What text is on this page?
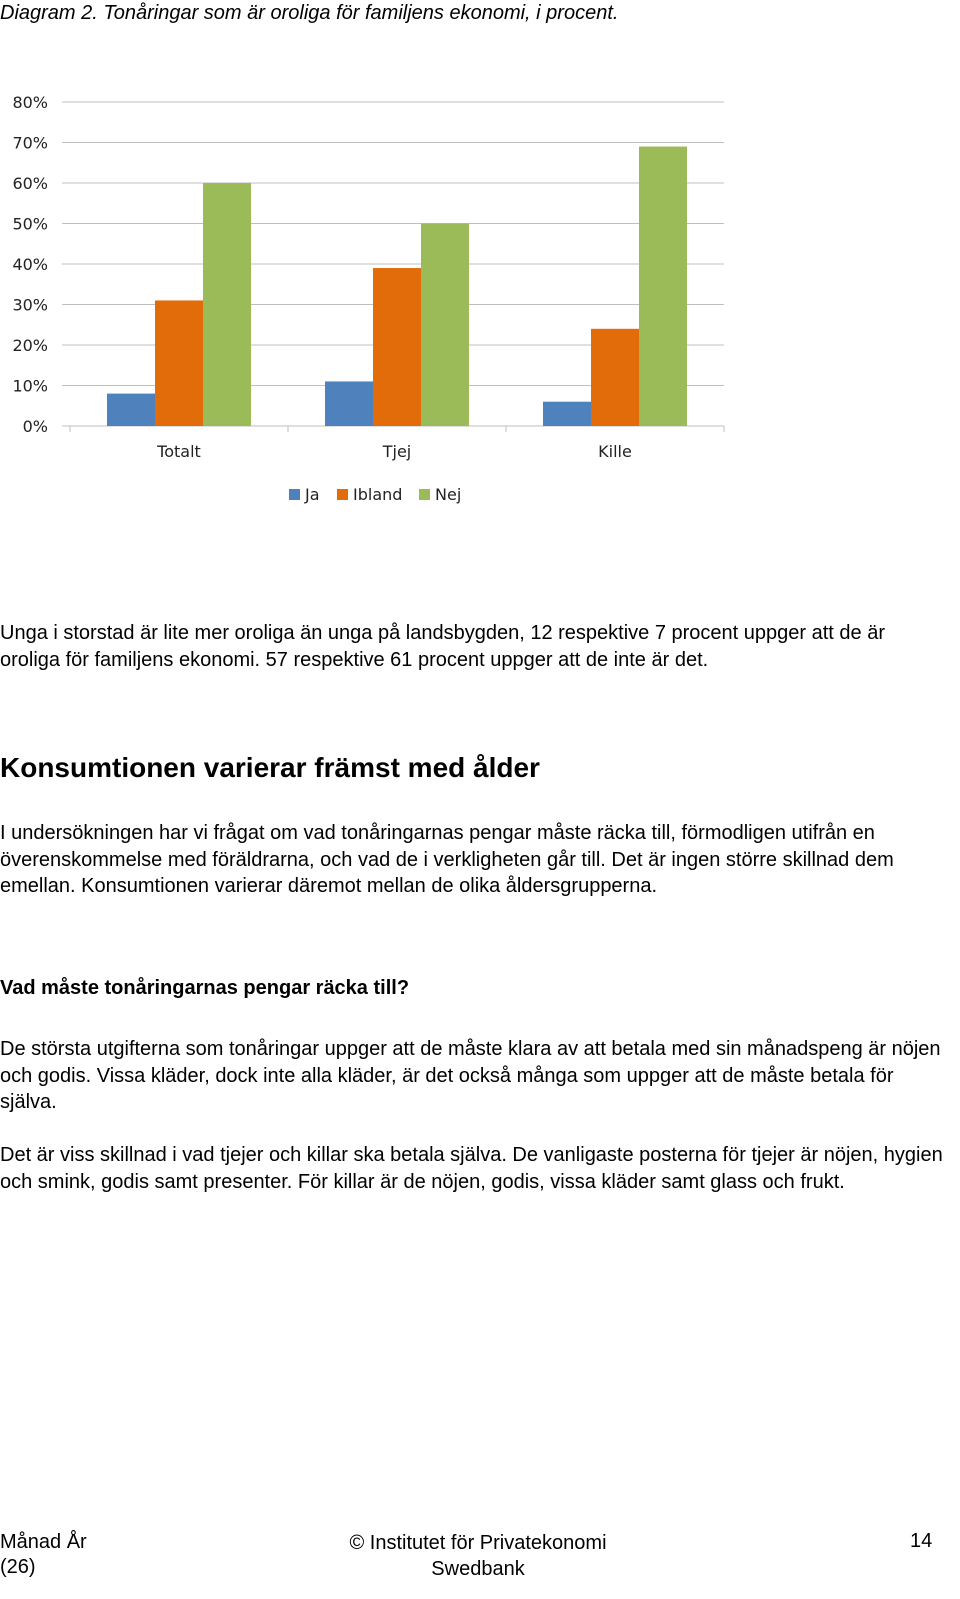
Diagram 2. Tonåringar som är oroliga för familjens ekonomi, i procent.
0%
10%
20%
30%
40%
50%
60%
70%
80%
Totalt	Tjej	Kille
Ja Ibland Nej

Unga i storstad är lite mer oroliga än unga på landsbygden, 12 respektive 7 procent uppger att de är oroliga för familjens ekonomi. 57 respektive 61 procent uppger att de inte är det.

Konsumtionen varierar främst med ålder

I undersökningen har vi frågat om vad tonåringarnas pengar måste räcka till, förmodligen utifrån en överenskommelse med föräldrarna, och vad de i verkligheten går till. Det är ingen större skillnad dem emellan. Konsumtionen varierar däremot mellan de olika åldersgrupperna.

Vad måste tonåringarnas pengar räcka till?

De största utgifterna som tonåringar uppger att de måste klara av att betala med sin månadspeng är nöjen och godis. Vissa kläder, dock inte alla kläder, är det också många som uppger att de måste betala för själva.

Det är viss skillnad i vad tjejer och killar ska betala själva. De vanligaste posterna för tjejer är nöjen, hygien och smink, godis samt presenter. För killar är de nöjen, godis, vissa kläder samt glass och frukt.

Månad År
(26)
© Institutet för Privatekonomi
Swedbank
14
